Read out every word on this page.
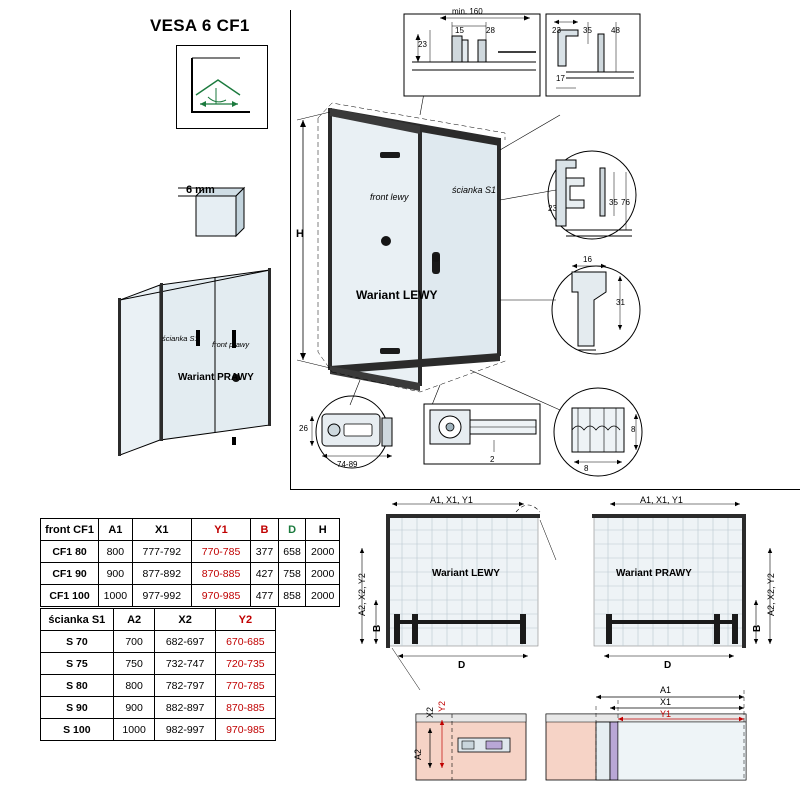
VESA 6 CF1
6 mm
front lewy
ścianka S1
Wariant LEWY
H
ścianka S1
front prawy
Wariant PRAWY
min. 160
15	28
23
17
23	35 48
23
35 76
16
31
26
74-89
2
8
8
A1, X1, Y1	A1, X1, Y1
Wariant LEWY	Wariant PRAWY
D	D
B	B
A2, X2, Y2	A2, X2, Y2
Y2
X2
A2
A1
X1
Y1
front CF1	A1	X1	Y1	B	D	H
CF1 80	800	777-792	770-785	377	658	2000
CF1 90	900	877-892	870-885	427	758	2000
CF1 100	1000	977-992	970-985	477	858	2000
ścianka S1	A2	X2	Y2
S 70	700	682-697	670-685
S 75	750	732-747	720-735
S 80	800	782-797	770-785
S 90	900	882-897	870-885
S 100	1000	982-997	970-985
